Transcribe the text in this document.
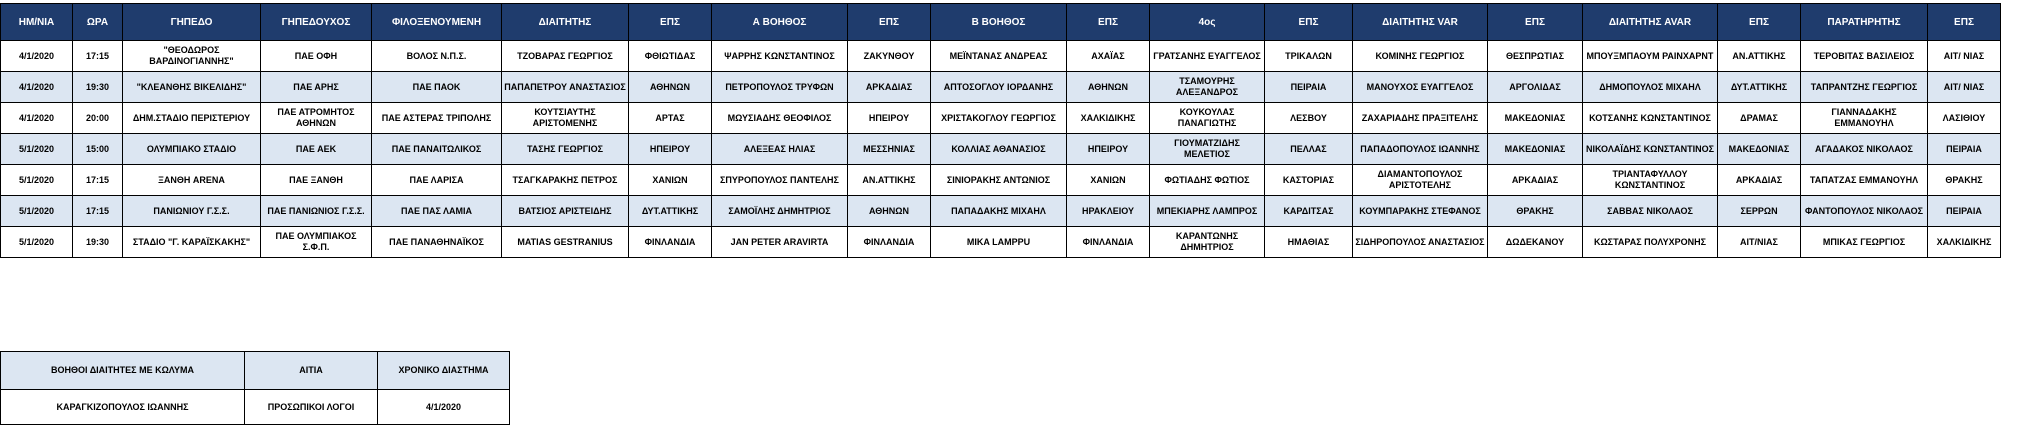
ΗΜ/ΝΙΑ	ΩΡΑ	ΓΗΠΕΔΟ	ΓΗΠΕΔΟΥΧΟΣ	ΦΙΛΟΞΕΝΟΥΜΕΝΗ	ΔΙΑΙΤΗΤΗΣ	ΕΠΣ	Α ΒΟΗΘΟΣ	ΕΠΣ	Β ΒΟΗΘΟΣ	ΕΠΣ	4ος	ΕΠΣ	ΔΙΑΙΤΗΤΗΣ VAR	ΕΠΣ	ΔΙΑΙΤΗΤΗΣ AVAR	ΕΠΣ	ΠΑΡΑΤΗΡΗΤΗΣ	ΕΠΣ
4/1/2020	17:15	"ΘΕΟΔΩΡΟΣ ΒΑΡΔΙΝΟΓΙΑΝΝΗΣ"	ΠΑΕ ΟΦΗ	ΒΟΛΟΣ Ν.Π.Σ.	ΤΖΟΒΑΡΑΣ ΓΕΩΡΓΙΟΣ	ΦΘΙΩΤΙΔΑΣ	ΨΑΡΡΗΣ ΚΩΝΣΤΑΝΤΙΝΟΣ	ΖΑΚΥΝΘΟΥ	ΜΕΪΝΤΑΝΑΣ ΑΝΔΡΕΑΣ	ΑΧΑΪΑΣ	ΓΡΑΤΣΑΝΗΣ ΕΥΑΓΓΕΛΟΣ	ΤΡΙΚΑΛΩΝ	ΚΟΜΙΝΗΣ ΓΕΩΡΓΙΟΣ	ΘΕΣΠΡΩΤΙΑΣ	ΜΠΟΥΞΜΠΑΟΥΜ ΡΑΙΝΧΑΡΝΤ	ΑΝ.ΑΤΤΙΚΗΣ	ΤΕΡΟΒΙΤΑΣ ΒΑΣΙΛΕΙΟΣ	ΑΙΤ/ ΝΙΑΣ
4/1/2020	19:30	"ΚΛΕΑΝΘΗΣ ΒΙΚΕΛΙΔΗΣ"	ΠΑΕ ΑΡΗΣ	ΠΑΕ ΠΑΟΚ	ΠΑΠΑΠΕΤΡΟΥ ΑΝΑΣΤΑΣΙΟΣ	ΑΘΗΝΩΝ	ΠΕΤΡΟΠΟΥΛΟΣ ΤΡΥΦΩΝ	ΑΡΚΑΔΙΑΣ	ΑΠΤΟΣΟΓΛΟΥ ΙΟΡΔΑΝΗΣ	ΑΘΗΝΩΝ	ΤΣΑΜΟΥΡΗΣ ΑΛΕΞΑΝΔΡΟΣ	ΠΕΙΡΑΙΑ	ΜΑΝΟΥΧΟΣ ΕΥΑΓΓΕΛΟΣ	ΑΡΓΟΛΙΔΑΣ	ΔΗΜΟΠΟΥΛΟΣ ΜΙΧΑΗΛ	ΔΥΤ.ΑΤΤΙΚΗΣ	ΤΑΠΡΑΝΤΖΗΣ ΓΕΩΡΓΙΟΣ	ΑΙΤ/ ΝΙΑΣ
4/1/2020	20:00	ΔΗΜ.ΣΤΑΔΙΟ ΠΕΡΙΣΤΕΡΙΟΥ	ΠΑΕ ΑΤΡΟΜΗΤΟΣ ΑΘΗΝΩΝ	ΠΑΕ ΑΣΤΕΡΑΣ ΤΡΙΠΟΛΗΣ	ΚΟΥΤΣΙΑΥΤΗΣ ΑΡΙΣΤΟΜΕΝΗΣ	ΑΡΤΑΣ	ΜΩΥΣΙΑΔΗΣ ΘΕΟΦΙΛΟΣ	ΗΠΕΙΡΟΥ	ΧΡΙΣΤΑΚΟΓΛΟΥ ΓΕΩΡΓΙΟΣ	ΧΑΛΚΙΔΙΚΗΣ	ΚΟΥΚΟΥΛΑΣ ΠΑΝΑΓΙΩΤΗΣ	ΛΕΣΒΟΥ	ΖΑΧΑΡΙΑΔΗΣ ΠΡΑΞΙΤΕΛΗΣ	ΜΑΚΕΔΟΝΙΑΣ	ΚΟΤΣΑΝΗΣ ΚΩΝΣΤΑΝΤΙΝΟΣ	ΔΡΑΜΑΣ	ΓΙΑΝΝΑΔΑΚΗΣ ΕΜΜΑΝΟΥΗΛ	ΛΑΣΙΘΙΟΥ
5/1/2020	15:00	ΟΛΥΜΠΙΑΚΟ ΣΤΑΔΙΟ	ΠΑΕ ΑΕΚ	ΠΑΕ ΠΑΝΑΙΤΩΛΙΚΟΣ	ΤΑΣΗΣ ΓΕΩΡΓΙΟΣ	ΗΠΕΙΡΟΥ	ΑΛΕΞΕΑΣ ΗΛΙΑΣ	ΜΕΣΣΗΝΙΑΣ	ΚΟΛΛΙΑΣ ΑΘΑΝΑΣΙΟΣ	ΗΠΕΙΡΟΥ	ΓΙΟΥΜΑΤΖΙΔΗΣ ΜΕΛΕΤΙΟΣ	ΠΕΛΛΑΣ	ΠΑΠΑΔΟΠΟΥΛΟΣ ΙΩΑΝΝΗΣ	ΜΑΚΕΔΟΝΙΑΣ	ΝΙΚΟΛΑΪΔΗΣ ΚΩΝΣΤΑΝΤΙΝΟΣ	ΜΑΚΕΔΟΝΙΑΣ	ΑΓΑΔΑΚΟΣ ΝΙΚΟΛΑΟΣ	ΠΕΙΡΑΙΑ
5/1/2020	17:15	ΞΑΝΘΗ ARENA	ΠΑΕ ΞΑΝΘΗ	ΠΑΕ ΛΑΡΙΣΑ	ΤΣΑΓΚΑΡΑΚΗΣ ΠΕΤΡΟΣ	ΧΑΝΙΩΝ	ΣΠΥΡΟΠΟΥΛΟΣ ΠΑΝΤΕΛΗΣ	ΑΝ.ΑΤΤΙΚΗΣ	ΣΙΝΙΟΡΑΚΗΣ ΑΝΤΩΝΙΟΣ	ΧΑΝΙΩΝ	ΦΩΤΙΑΔΗΣ ΦΩΤΙΟΣ	ΚΑΣΤΟΡΙΑΣ	ΔΙΑΜΑΝΤΟΠΟΥΛΟΣ ΑΡΙΣΤΟΤΕΛΗΣ	ΑΡΚΑΔΙΑΣ	ΤΡΙΑΝΤΑΦΥΛΛΟΥ ΚΩΝΣΤΑΝΤΙΝΟΣ	ΑΡΚΑΔΙΑΣ	ΤΑΠΑΤΖΑΣ ΕΜΜΑΝΟΥΗΛ	ΘΡΑΚΗΣ
5/1/2020	17:15	ΠΑΝΙΩΝΙΟΥ Γ.Σ.Σ.	ΠΑΕ ΠΑΝΙΩΝΙΟΣ Γ.Σ.Σ.	ΠΑΕ ΠΑΣ ΛΑΜΙΑ	ΒΑΤΣΙΟΣ ΑΡΙΣΤΕΙΔΗΣ	ΔΥΤ.ΑΤΤΙΚΗΣ	ΣΑΜΟΪΛΗΣ ΔΗΜΗΤΡΙΟΣ	ΑΘΗΝΩΝ	ΠΑΠΑΔΑΚΗΣ ΜΙΧΑΗΛ	ΗΡΑΚΛΕΙΟΥ	ΜΠΕΚΙΑΡΗΣ ΛΑΜΠΡΟΣ	ΚΑΡΔΙΤΣΑΣ	ΚΟΥΜΠΑΡΑΚΗΣ ΣΤΕΦΑΝΟΣ	ΘΡΑΚΗΣ	ΣΑΒΒΑΣ ΝΙΚΟΛΑΟΣ	ΣΕΡΡΩΝ	ΦΑΝΤΟΠΟΥΛΟΣ ΝΙΚΟΛΑΟΣ	ΠΕΙΡΑΙΑ
5/1/2020	19:30	ΣΤΑΔΙΟ "Γ. ΚΑΡΑΪΣΚΑΚΗΣ"	ΠΑΕ ΟΛΥΜΠΙΑΚΟΣ Σ.Φ.Π.	ΠΑΕ ΠΑΝΑΘΗΝΑΪΚΟΣ	MATIAS GESTRANIUS	ΦΙΝΛΑΝΔΙΑ	JAN PETER ARAVIRTA	ΦΙΝΛΑΝΔΙΑ	MIKA LAMPPU	ΦΙΝΛΑΝΔΙΑ	ΚΑΡΑΝΤΩΝΗΣ ΔΗΜΗΤΡΙΟΣ	ΗΜΑΘΙΑΣ	ΣΙΔΗΡΟΠΟΥΛΟΣ ΑΝΑΣΤΑΣΙΟΣ	ΔΩΔΕΚΑΝΟΥ	ΚΩΣΤΑΡΑΣ ΠΟΛΥΧΡΟΝΗΣ	ΑΙΤ/ΝΙΑΣ	ΜΠΙΚΑΣ ΓΕΩΡΓΙΟΣ	ΧΑΛΚΙΔΙΚΗΣ
ΒΟΗΘΟΙ ΔΙΑΙΤΗΤΕΣ ΜΕ ΚΩΛΥΜΑ	ΑΙΤΙΑ	ΧΡΟΝΙΚΟ ΔΙΑΣΤΗΜΑ
ΚΑΡΑΓΚΙΖΟΠΟΥΛΟΣ ΙΩΑΝΝΗΣ	ΠΡΟΣΩΠΙΚΟΙ ΛΟΓΟΙ	4/1/2020
